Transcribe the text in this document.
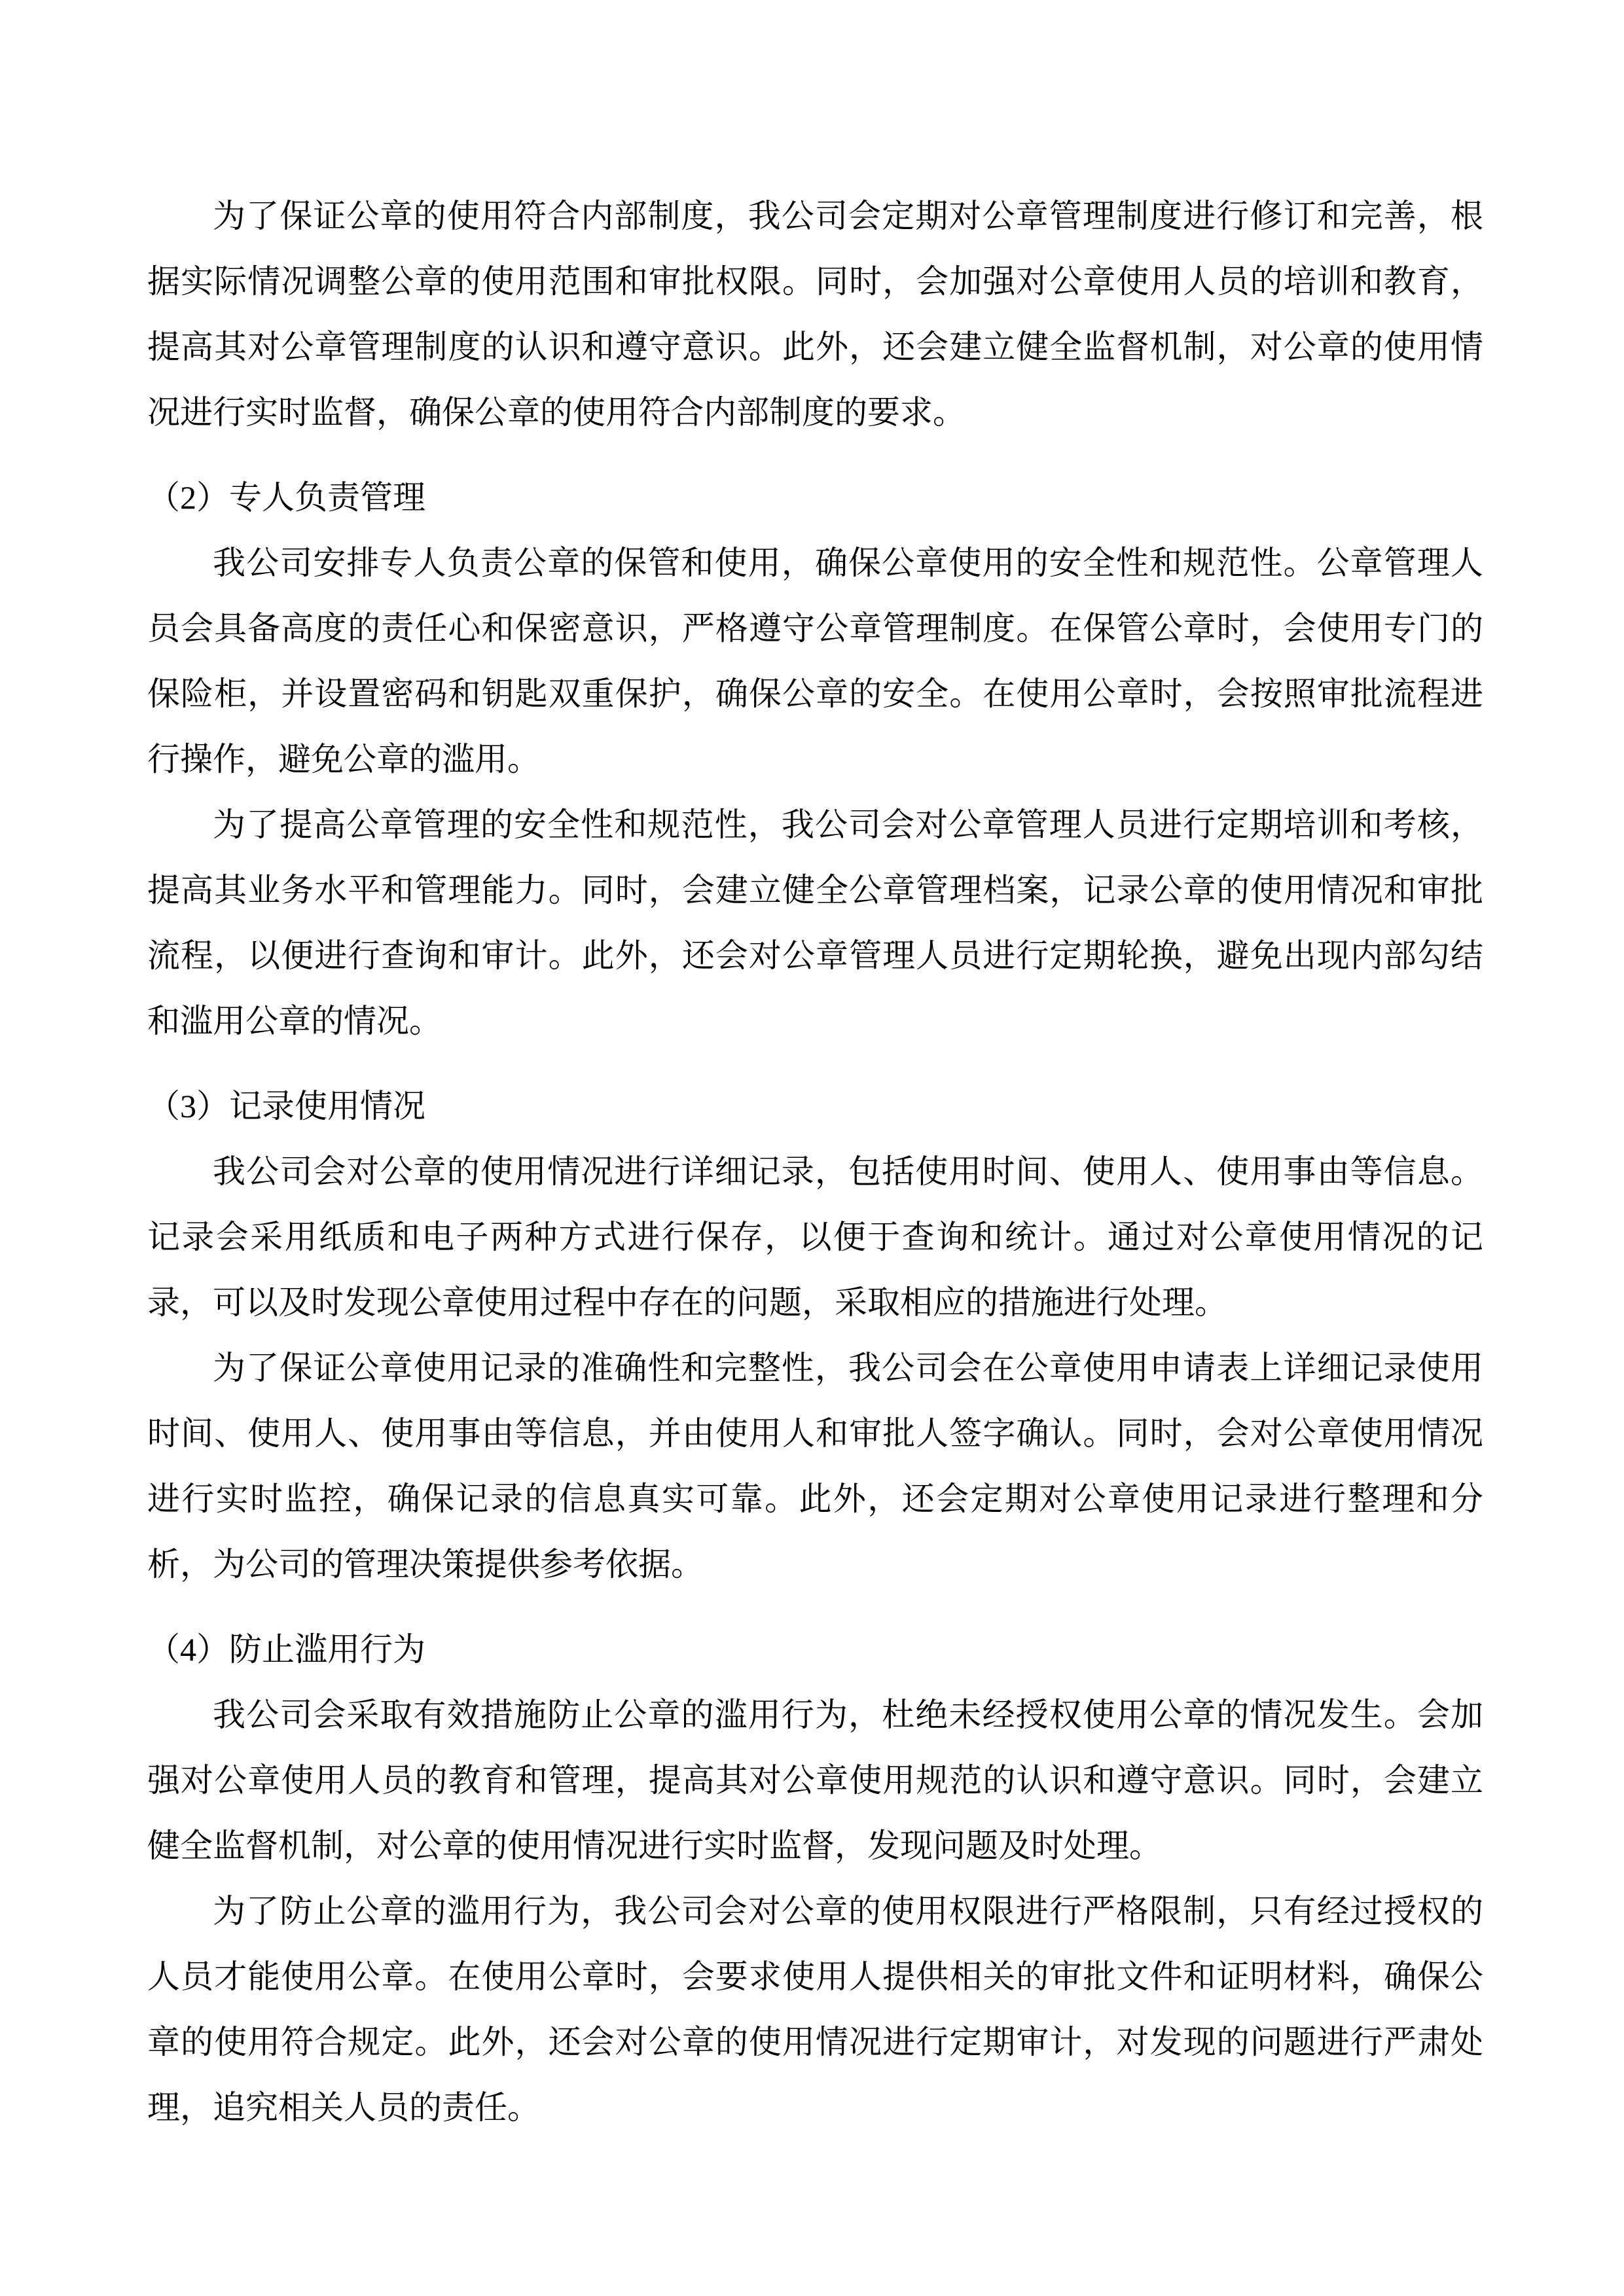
为了保证公章的使用符合内部制度，我公司会定期对公章管理制度进行修订和完善，根据实际情况调整公章的使用范围和审批权限。同时，会加强对公章使用人员的培训和教育，提高其对公章管理制度的认识和遵守意识。此外，还会建立健全监督机制，对公章的使用情况进行实时监督，确保公章的使用符合内部制度的要求。

（2）专人负责管理

我公司安排专人负责公章的保管和使用，确保公章使用的安全性和规范性。公章管理人员会具备高度的责任心和保密意识，严格遵守公章管理制度。在保管公章时，会使用专门的保险柜，并设置密码和钥匙双重保护，确保公章的安全。在使用公章时，会按照审批流程进行操作，避免公章的滥用。

为了提高公章管理的安全性和规范性，我公司会对公章管理人员进行定期培训和考核，提高其业务水平和管理能力。同时，会建立健全公章管理档案，记录公章的使用情况和审批流程，以便进行查询和审计。此外，还会对公章管理人员进行定期轮换，避免出现内部勾结和滥用公章的情况。

（3）记录使用情况

我公司会对公章的使用情况进行详细记录，包括使用时间、使用人、使用事由等信息。记录会采用纸质和电子两种方式进行保存，以便于查询和统计。通过对公章使用情况的记录，可以及时发现公章使用过程中存在的问题，采取相应的措施进行处理。

为了保证公章使用记录的准确性和完整性，我公司会在公章使用申请表上详细记录使用时间、使用人、使用事由等信息，并由使用人和审批人签字确认。同时，会对公章使用情况进行实时监控，确保记录的信息真实可靠。此外，还会定期对公章使用记录进行整理和分析，为公司的管理决策提供参考依据。

（4）防止滥用行为

我公司会采取有效措施防止公章的滥用行为，杜绝未经授权使用公章的情况发生。会加强对公章使用人员的教育和管理，提高其对公章使用规范的认识和遵守意识。同时，会建立健全监督机制，对公章的使用情况进行实时监督，发现问题及时处理。

为了防止公章的滥用行为，我公司会对公章的使用权限进行严格限制，只有经过授权的人员才能使用公章。在使用公章时，会要求使用人提供相关的审批文件和证明材料，确保公章的使用符合规定。此外，还会对公章的使用情况进行定期审计，对发现的问题进行严肃处理，追究相关人员的责任。
